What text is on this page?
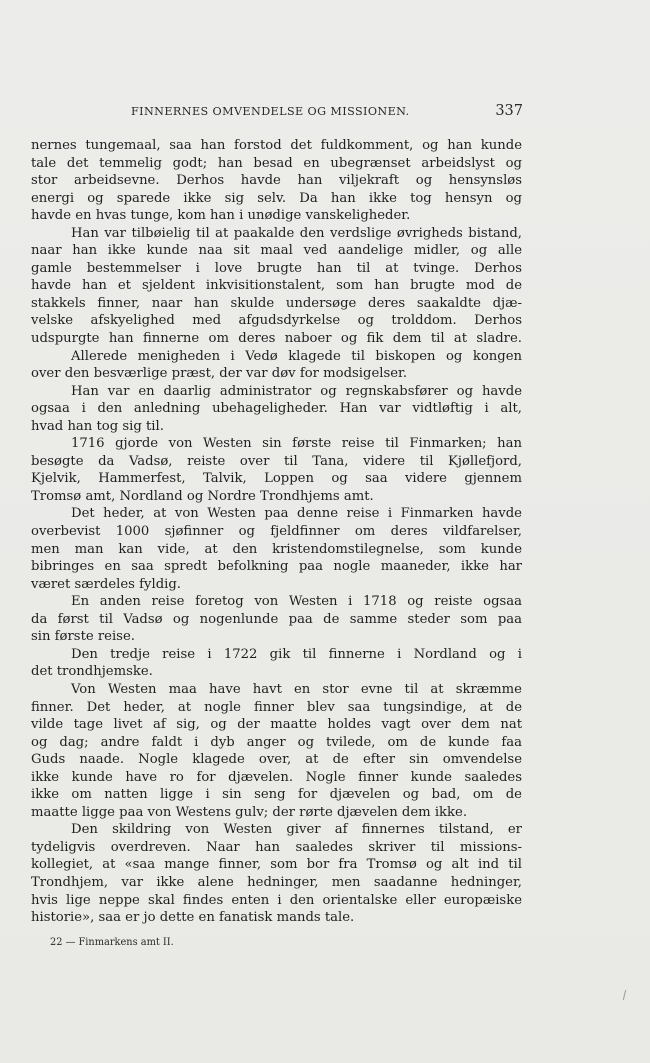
FINNERNES OMVENDELSE OG MISSIONEN.	337
nernes tungemaal, saa han forstod det fuldkomment, og han kunde
tale det temmelig godt; han besad en ubegrænset arbeidslyst og
stor arbeidsevne. Derhos havde han viljekraft og hensynsløs
energi og sparede ikke sig selv. Da han ikke tog hensyn og
havde en hvas tunge, kom han i unødige vanskeligheder.
Han var tilbøielig til at paakalde den verdslige øvrigheds bistand,
naar han ikke kunde naa sit maal ved aandelige midler, og alle
gamle bestemmelser i love brugte han til at tvinge. Derhos
havde han et sjeldent inkvisitionstalent, som han brugte mod de
stakkels finner, naar han skulde undersøge deres saakaldte djæ-
velske afskyelighed med afgudsdyrkelse og trolddom. Derhos
udspurgte han finnerne om deres naboer og fik dem til at sladre.
Allerede menigheden i Vedø klagede til biskopen og kongen
over den besværlige præst, der var døv for modsigelser.
Han var en daarlig administrator og regnskabsfører og havde
ogsaa i den anledning ubehageligheder. Han var vidtløftig i alt,
hvad han tog sig til.
1716 gjorde von Westen sin første reise til Finmarken; han
besøgte da Vadsø, reiste over til Tana, videre til Kjøllefjord,
Kjelvik, Hammerfest, Talvik, Loppen og saa videre gjennem
Tromsø amt, Nordland og Nordre Trondhjems amt.
Det heder, at von Westen paa denne reise i Finmarken havde
overbevist 1000 sjøfinner og fjeldfinner om deres vildfarelser,
men man kan vide, at den kristendomstilegnelse, som kunde
bibringes en saa spredt befolkning paa nogle maaneder, ikke har
været særdeles fyldig.
En anden reise foretog von Westen i 1718 og reiste ogsaa
da først til Vadsø og nogenlunde paa de samme steder som paa
sin første reise.
Den tredje reise i 1722 gik til finnerne i Nordland og i
det trondhjemske.
Von Westen maa have havt en stor evne til at skræmme
finner. Det heder, at nogle finner blev saa tungsindige, at de
vilde tage livet af sig, og der maatte holdes vagt over dem nat
og dag; andre faldt i dyb anger og tvilede, om de kunde faa
Guds naade. Nogle klagede over, at de efter sin omvendelse
ikke kunde have ro for djævelen. Nogle finner kunde saaledes
ikke om natten ligge i sin seng for djævelen og bad, om de
maatte ligge paa von Westens gulv; der rørte djævelen dem ikke.
Den skildring von Westen giver af finnernes tilstand, er
tydeligvis overdreven. Naar han saaledes skriver til missions-
kollegiet, at «saa mange finner, som bor fra Tromsø og alt ind til
Trondhjem, var ikke alene hedninger, men saadanne hedninger,
hvis lige neppe skal findes enten i den orientalske eller europæiske
historie», saa er jo dette en fanatisk mands tale.
22 — Finmarkens amt II.
